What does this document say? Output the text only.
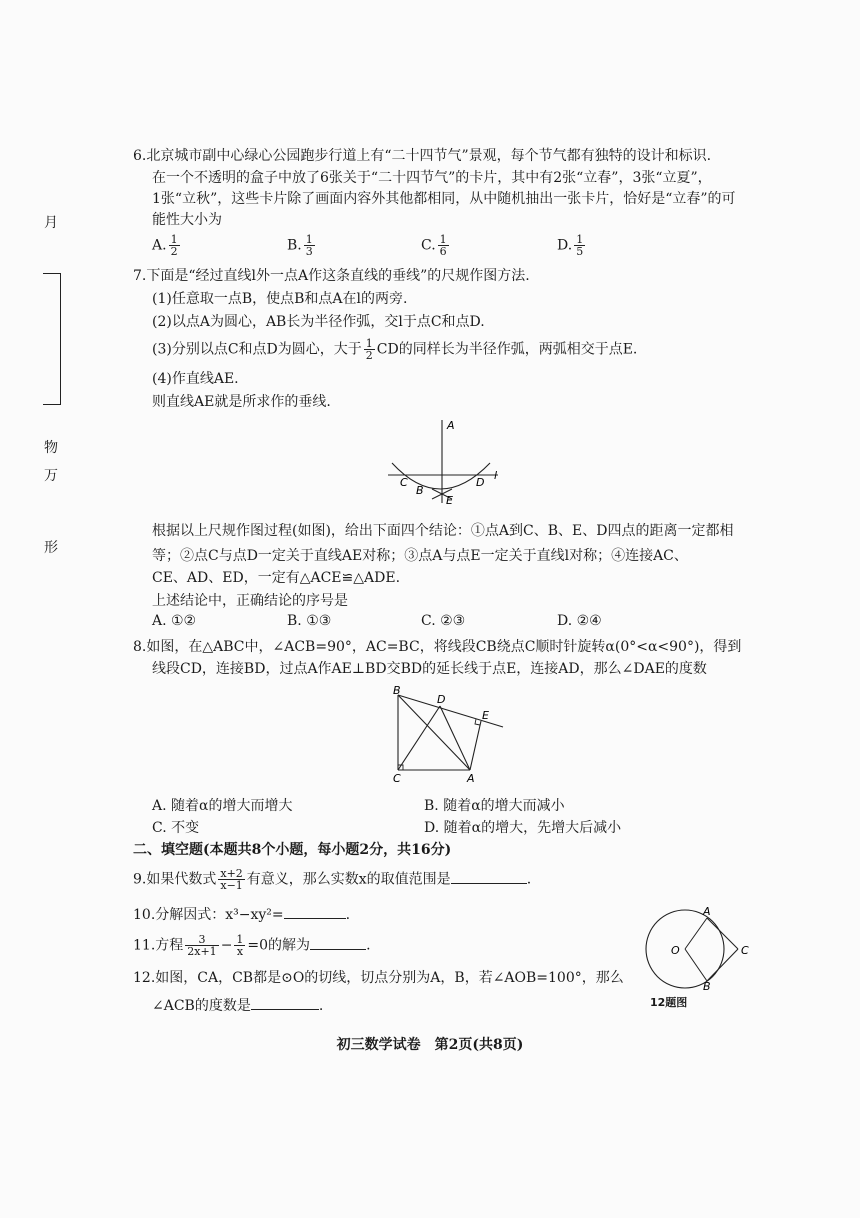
月
物
万
形
6.北京城市副中心绿心公园跑步行道上有“二十四节气”景观，每个节气都有独特的设计和标识.
在一个不透明的盒子中放了6张关于“二十四节气”的卡片，其中有2张“立春”，3张“立夏”，
1张“立秋”，这些卡片除了画面内容外其他都相同，从中随机抽出一张卡片，恰好是“立春”的可
能性大小为
A. $\frac{1}{2}$	B. $\frac{1}{3}$	C. $\frac{1}{6}$	D. $\frac{1}{5}$
7.下面是“经过直线l外一点A作这条直线的垂线”的尺规作图方法.
(1)任意取一点B，使点B和点A在l的两旁.
(2)以点A为圆心，AB长为半径作弧，交l于点C和点D.
(3)分别以点C和点D为圆心，大于 $\frac{1}{2}$ CD的同样长为半径作弧，两弧相交于点E.
(4)作直线AE.
则直线AE就是所求作的垂线.
A
C
B
D
E
l
根据以上尺规作图过程(如图)，给出下面四个结论：①点A到C、B、E、D四点的距离一定都相
等；②点C与点D一定关于直线AE对称；③点A与点E一定关于直线l对称；④连接AC、
CE、AD、ED，一定有△ACE≌△ADE.
上述结论中，正确结论的序号是
A. ①②	B. ①③	C. ②③	D. ②④
8.如图，在△ABC中，∠ACB=90°，AC=BC，将线段CB绕点C顺时针旋转α(0°<α<90°)，得到
线段CD，连接BD，过点A作AE⊥BD交BD的延长线于点E，连接AD，那么∠DAE的度数
B
D
E
C	A
A. 随着α的增大而增大	B. 随着α的增大而减小
C. 不变	D. 随着α的增大，先增大后减小
二、填空题(本题共8个小题，每小题2分，共16分)
9.如果代数式 $\frac{x+2}{x-1}$ 有意义，那么实数x的取值范围是	.
10.分解因式：x³−xy²=	.
11.方程 $\frac{3}{2x+1} - \frac{1}{x} =0$的解为	.
12.如图，CA，CB都是⊙O的切线，切点分别为A，B，若∠AOB=100°，那么
∠ACB的度数是	.
A
O	C
B
12题图
初三数学试卷　第2页(共8页)
